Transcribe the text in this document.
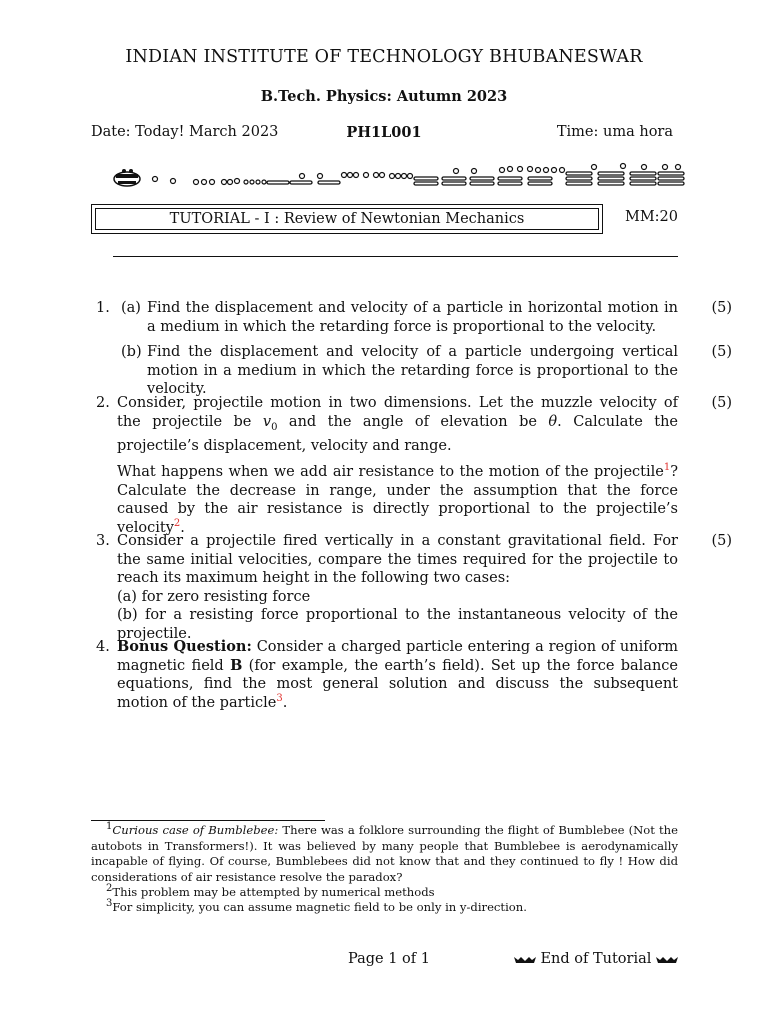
INDIAN INSTITUTE OF TECHNOLOGY BHUBANESWAR
B.Tech. Physics: Autumn 2023
Date: Today! March 2023	PH1L001	Time: uma hora
TUTORIAL - I : Review of Newtonian Mechanics	MM:20
1. (a) Find the displacement and velocity of a particle in horizontal motion in a medium in which the retarding force is proportional to the velocity.
(5)
(b) Find the displacement and velocity of a particle undergoing vertical motion in a medium in which the retarding force is proportional to the velocity.
(5)
2. Consider, projectile motion in two dimensions. Let the muzzle velocity of the projectile be $v_0$ and the angle of elevation be θ. Calculate the projectile’s displacement, velocity and range.
(5)
What happens when we add air resistance to the motion of the projectile$^1$? Calculate the decrease in range, under the assumption that the force caused by the air resistance is directly proportional to the projectile’s velocity$^2$.
3. Consider a projectile fired vertically in a constant gravitational field. For the same initial velocities, compare the times required for the projectile to reach its maximum height in the following two cases:
(a) for zero resisting force
(b) for a resisting force proportional to the instantaneous velocity of the projectile.
(5)
4. Bonus Question: Consider a charged particle entering a region of uniform magnetic field B (for example, the earth’s field). Set up the force balance equations, find the most general solution and discuss the subsequent motion of the particle$^3$.
1Curious case of Bumblebee: There was a folklore surrounding the flight of Bumblebee (Not the autobots in Transformers!). It was believed by many people that Bumblebee is aerodynamically incapable of flying. Of course, Bumblebees did not know that and they continued to fly ! How did considerations of air resistance resolve the paradox?
2This problem may be attempted by numerical methods
3For simplicity, you can assume magnetic field to be only in y-direction.
Page 1 of 1	End of Tutorial
